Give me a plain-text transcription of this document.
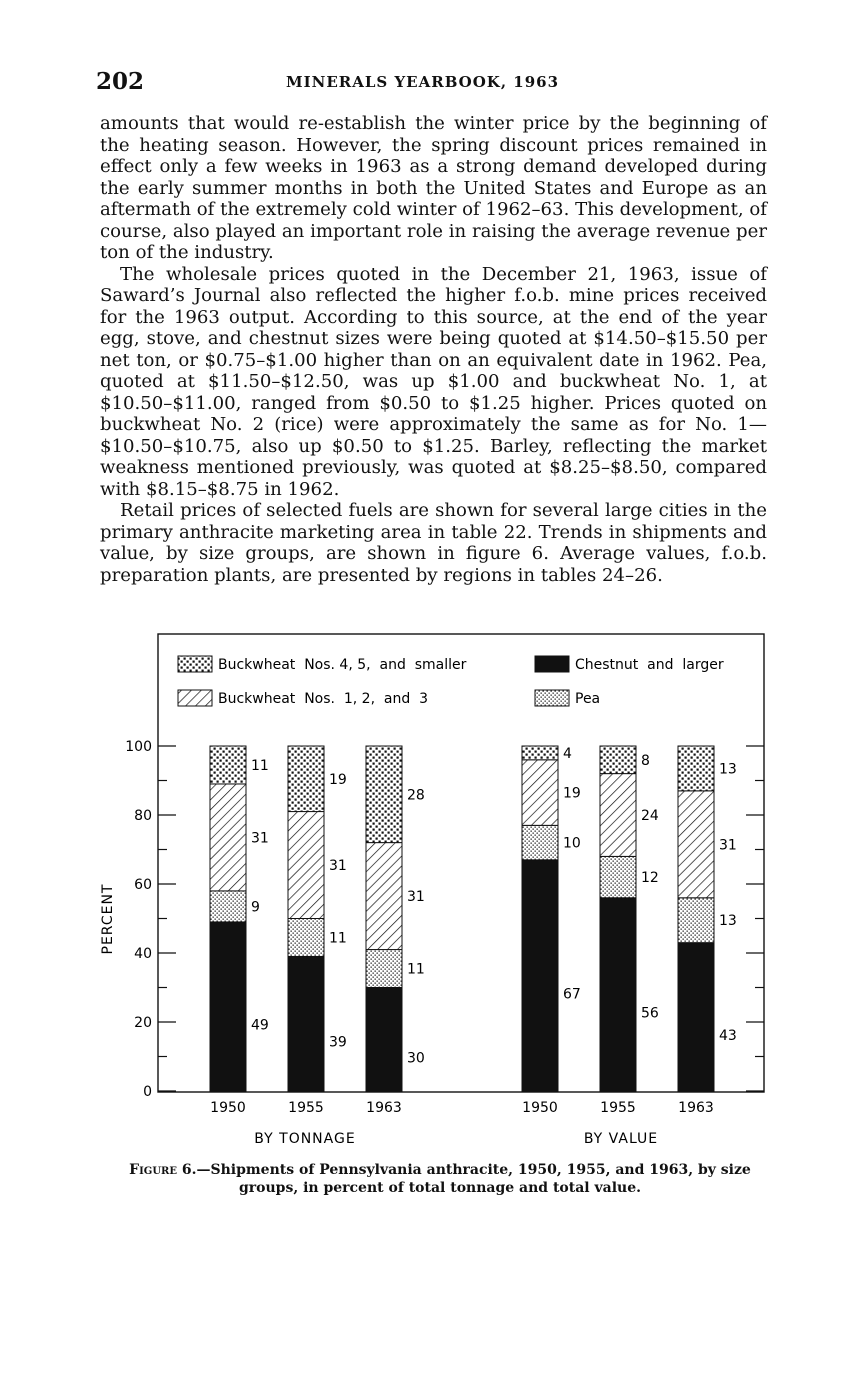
202	MINERALS YEARBOOK, 1963

amounts that would re-establish the winter price by the beginning of the heating season. However, the spring discount prices remained in effect only a few weeks in 1963 as a strong demand developed during the early summer months in both the United States and Europe as an aftermath of the extremely cold winter of 1962–63. This development, of course, also played an important role in raising the average revenue per ton of the industry.

The wholesale prices quoted in the December 21, 1963, issue of Saward’s Journal also reflected the higher f.o.b. mine prices received for the 1963 output. According to this source, at the end of the year egg, stove, and chestnut sizes were being quoted at $14.50–$15.50 per net ton, or $0.75–$1.00 higher than on an equivalent date in 1962. Pea, quoted at $11.50–$12.50, was up $1.00 and buckwheat No. 1, at $10.50–$11.00, ranged from $0.50 to $1.25 higher. Prices quoted on buckwheat No. 2 (rice) were approximately the same as for No. 1—$10.50–$10.75, also up $0.50 to $1.25. Barley, reflecting the market weakness mentioned previously, was quoted at $8.25–$8.50, compared with $8.15–$8.75 in 1962.

Retail prices of selected fuels are shown for several large cities in the primary anthracite marketing area in table 22. Trends in shipments and value, by size groups, are shown in figure 6. Average values, f.o.b. preparation plants, are presented by regions in tables 24–26.

Buckwheat  Nos. 4, 5,  and  smaller	Chestnut  and  larger
Buckwheat  Nos.  1, 2,  and  3	Pea
0
20
40
60
80
100
PERCENT
49
9
31
11
39
11
31
19
30
11
31
28
67
10
19
4
56
12
24
8
43
13
31
13
1950	1955	1963	1950	1955	1963
BY TONNAGE	BY VALUE
Figure 6.—Shipments of Pennsylvania anthracite, 1950, 1955, and 1963, by size groups, in percent of total tonnage and total value.
